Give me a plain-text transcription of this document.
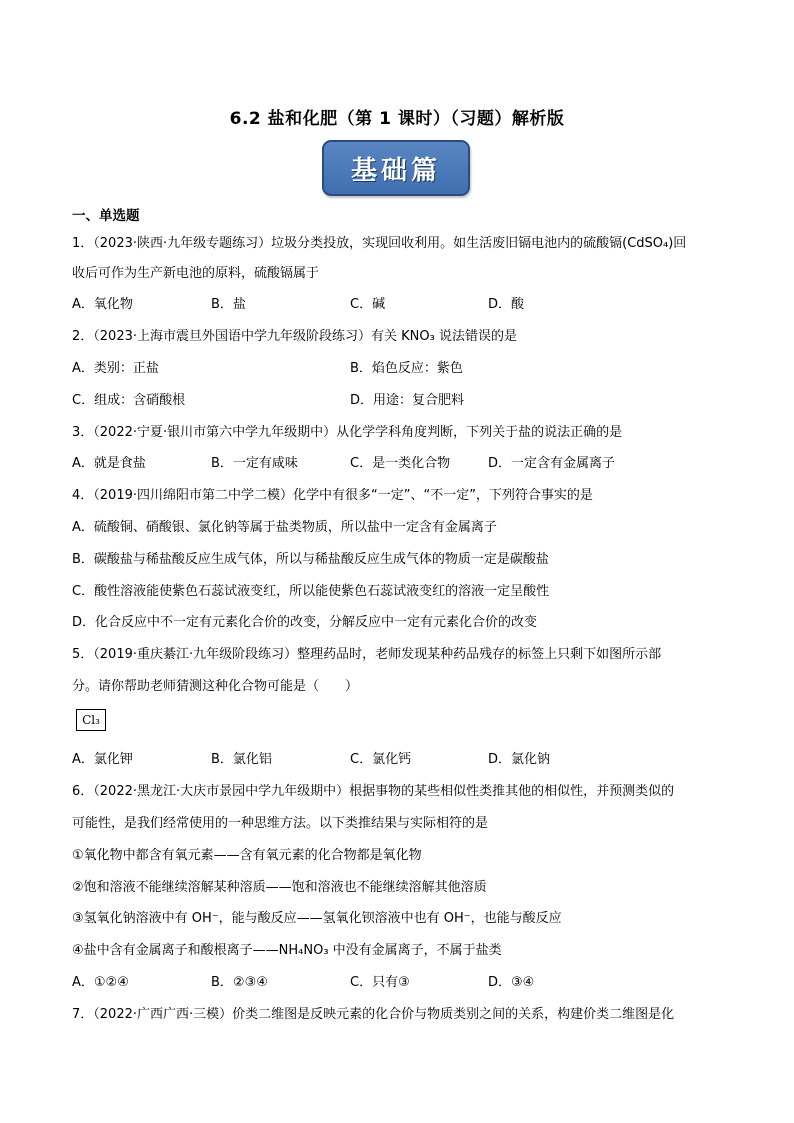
6.2 盐和化肥（第 1 课时）（习题）解析版
基础篇
一、单选题
1．（2023·陕西·九年级专题练习）垃圾分类投放，实现回收利用。如生活废旧镉电池内的硫酸镉(CdSO₄)回
收后可作为生产新电池的原料，硫酸镉属于
A．氧化物	B．盐	C．碱	D．酸
2．（2023·上海市震旦外国语中学九年级阶段练习）有关 KNO₃ 说法错误的是
A．类别：正盐	B．焰色反应：紫色
C．组成：含硝酸根	D．用途：复合肥料
3．（2022·宁夏·银川市第六中学九年级期中）从化学学科角度判断，下列关于盐的说法正确的是
A．就是食盐	B．一定有咸味	C．是一类化合物	D．一定含有金属离子
4．（2019·四川绵阳市第二中学二模）化学中有很多“一定”、“不一定”，下列符合事实的是
A．硫酸铜、硝酸银、氯化钠等属于盐类物质，所以盐中一定含有金属离子
B．碳酸盐与稀盐酸反应生成气体，所以与稀盐酸反应生成气体的物质一定是碳酸盐
C．酸性溶液能使紫色石蕊试液变红，所以能使紫色石蕊试液变红的溶液一定呈酸性
D．化合反应中不一定有元素化合价的改变，分解反应中一定有元素化合价的改变
5．（2019·重庆綦江·九年级阶段练习）整理药品时，老师发现某种药品残存的标签上只剩下如图所示部
分。请你帮助老师猜测这种化合物可能是（　　）
Cl₃
A．氯化钾	B．氯化铝	C．氯化钙	D．氯化钠
6．（2022·黑龙江·大庆市景园中学九年级期中）根据事物的某些相似性类推其他的相似性，并预测类似的
可能性，是我们经常使用的一种思维方法。以下类推结果与实际相符的是
①氧化物中都含有氧元素——含有氧元素的化合物都是氧化物
②饱和溶液不能继续溶解某种溶质——饱和溶液也不能继续溶解其他溶质
③氢氧化钠溶液中有 OH⁻，能与酸反应——氢氧化钡溶液中也有 OH⁻，也能与酸反应
④盐中含有金属离子和酸根离子——NH₄NO₃ 中没有金属离子，不属于盐类
A．①②④	B．②③④	C．只有③	D．③④
7．（2022·广西广西·三模）价类二维图是反映元素的化合价与物质类别之间的关系，构建价类二维图是化
